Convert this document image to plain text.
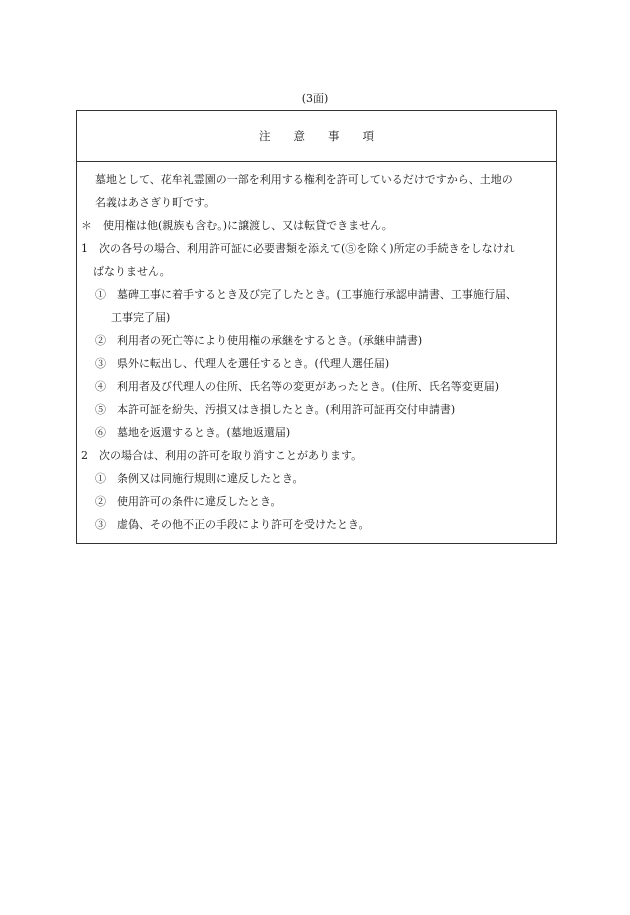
(3面)
注　　意　　事　　項
墓地として、花牟礼霊園の一部を利用する権利を許可しているだけですから、土地の
名義はあさぎり町です。
＊　使用権は他(親族も含む。)に譲渡し、又は転貸できません。
1　次の各号の場合、利用許可証に必要書類を添えて(⑤を除く)所定の手続きをしなけれ
ばなりません。
①　墓碑工事に着手するとき及び完了したとき。(工事施行承認申請書、工事施行届、
工事完了届)
②　利用者の死亡等により使用権の承継をするとき。(承継申請書)
③　県外に転出し、代理人を選任するとき。(代理人選任届)
④　利用者及び代理人の住所、氏名等の変更があったとき。(住所、氏名等変更届)
⑤　本許可証を紛失、汚損又はき損したとき。(利用許可証再交付申請書)
⑥　墓地を返還するとき。(墓地返還届)
2　次の場合は、利用の許可を取り消すことがあります。
①　条例又は同施行規則に違反したとき。
②　使用許可の条件に違反したとき。
③　虚偽、その他不正の手段により許可を受けたとき。
